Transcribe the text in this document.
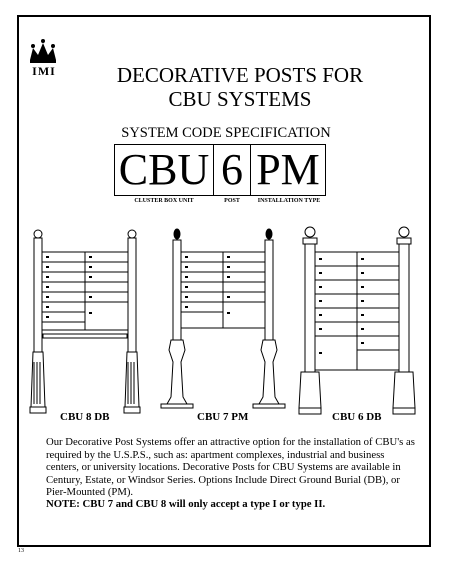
IMI	DECORATIVE POSTS FOR
CBU SYSTEMS
SYSTEM CODE SPECIFICATION
CBU 6 PM
CLUSTER BOX UNIT	POST	INSTALLATION TYPE
CBU 8 DB	CBU 7 PM	CBU 6 DB
Our Decorative Post Systems offer an attractive option for the installation of CBU's as required by the U.S.P.S., such as: apartment complexes, industrial and business centers, or university locations. Decorative Posts for CBU Systems are available in Century, Estate, or Windsor Series. Options Include Direct Ground Burial (DB), or Pier-Mounted (PM).
NOTE: CBU 7 and CBU 8 will only accept a type I or type II.
13
